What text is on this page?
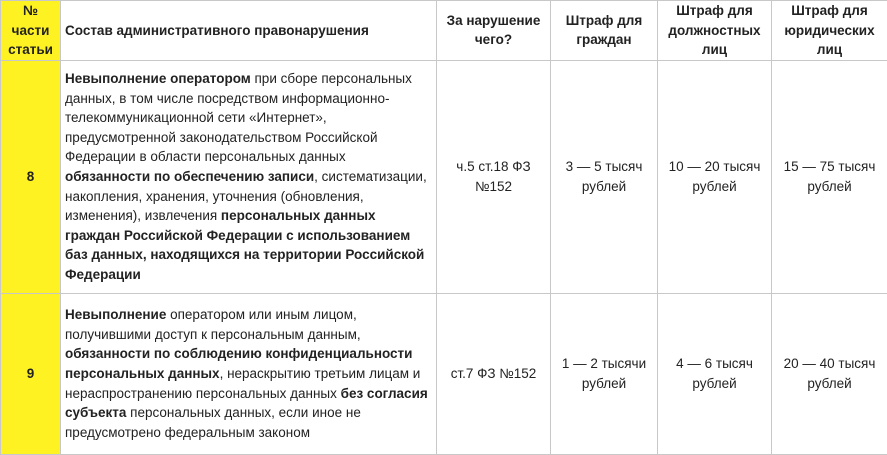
№ части статьи	Состав административного правонарушения	За нарушение чего?	Штраф для граждан	Штраф для должностных лиц	Штраф для юридических лиц
8	Невыполнение оператором при сборе персональных данных, в том числе посредством информационно-телекоммуникационной сети «Интернет», предусмотренной законодательством Российской Федерации в области персональных данных обязанности по обеспечению записи, систематизации, накопления, хранения, уточнения (обновления, изменения), извлечения персональных данных граждан Российской Федерации с использованием баз данных, находящихся на территории Российской Федерации	ч.5 ст.18 ФЗ №152	3 — 5 тысяч рублей	10 — 20 тысяч рублей	15 — 75 тысяч рублей
9	Невыполнение оператором или иным лицом, получившими доступ к персональным данным, обязанности по соблюдению конфиденциальности персональных данных, нераскрытию третьим лицам и нераспространению персональных данных без согласия субъекта персональных данных, если иное не предусмотрено федеральным законом	ст.7 ФЗ №152	1 — 2 тысячи рублей	4 — 6 тысяч рублей	20 — 40 тысяч рублей
